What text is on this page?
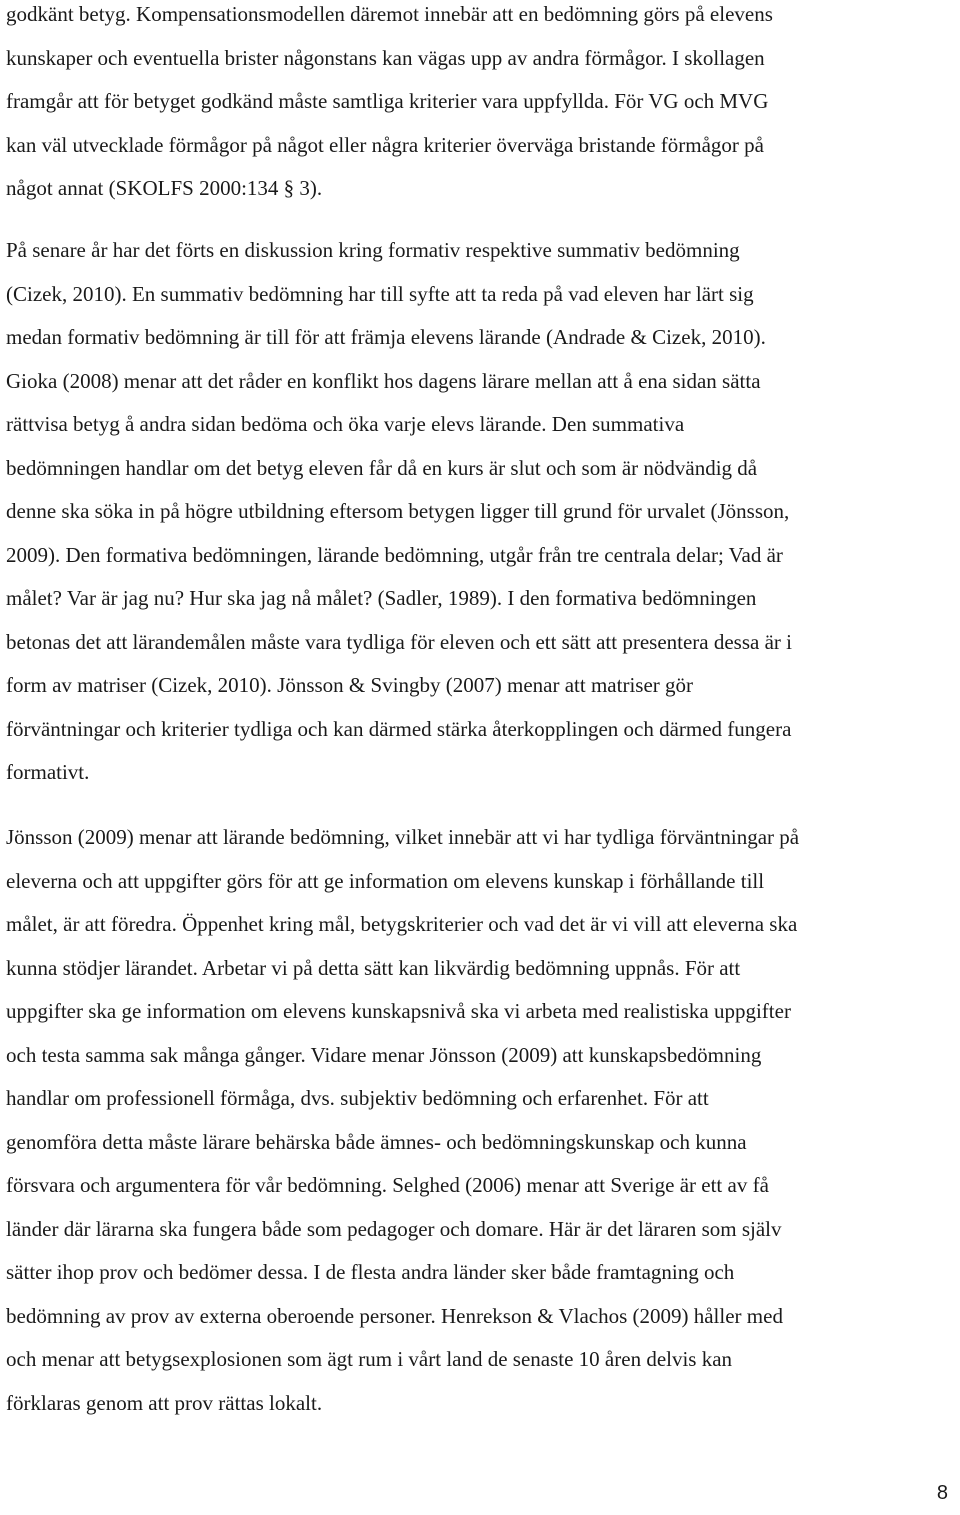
godkänt betyg. Kompensationsmodellen däremot innebär att en bedömning görs på elevens
kunskaper och eventuella brister någonstans kan vägas upp av andra förmågor. I skollagen
framgår att för betyget godkänd måste samtliga kriterier vara uppfyllda. För VG och MVG
kan väl utvecklade förmågor på något eller några kriterier överväga bristande förmågor på
något annat (SKOLFS 2000:134 § 3).
På senare år har det förts en diskussion kring formativ respektive summativ bedömning
(Cizek, 2010). En summativ bedömning har till syfte att ta reda på vad eleven har lärt sig
medan formativ bedömning är till för att främja elevens lärande (Andrade & Cizek, 2010).
Gioka (2008) menar att det råder en konflikt hos dagens lärare mellan att å ena sidan sätta
rättvisa betyg å andra sidan bedöma och öka varje elevs lärande. Den summativa
bedömningen handlar om det betyg eleven får då en kurs är slut och som är nödvändig då
denne ska söka in på högre utbildning eftersom betygen ligger till grund för urvalet (Jönsson,
2009). Den formativa bedömningen, lärande bedömning, utgår från tre centrala delar; Vad är
målet? Var är jag nu? Hur ska jag nå målet? (Sadler, 1989). I den formativa bedömningen
betonas det att lärandemålen måste vara tydliga för eleven och ett sätt att presentera dessa är i
form av matriser (Cizek, 2010). Jönsson & Svingby (2007) menar att matriser gör
förväntningar och kriterier tydliga och kan därmed stärka återkopplingen och därmed fungera
formativt.
Jönsson (2009) menar att lärande bedömning, vilket innebär att vi har tydliga förväntningar på
eleverna och att uppgifter görs för att ge information om elevens kunskap i förhållande till
målet, är att föredra. Öppenhet kring mål, betygskriterier och vad det är vi vill att eleverna ska
kunna stödjer lärandet. Arbetar vi på detta sätt kan likvärdig bedömning uppnås. För att
uppgifter ska ge information om elevens kunskapsnivå ska vi arbeta med realistiska uppgifter
och testa samma sak många gånger. Vidare menar Jönsson (2009) att kunskapsbedömning
handlar om professionell förmåga, dvs. subjektiv bedömning och erfarenhet. För att
genomföra detta måste lärare behärska både ämnes- och bedömningskunskap och kunna
försvara och argumentera för vår bedömning. Selghed (2006) menar att Sverige är ett av få
länder där lärarna ska fungera både som pedagoger och domare. Här är det läraren som själv
sätter ihop prov och bedömer dessa. I de flesta andra länder sker både framtagning och
bedömning av prov av externa oberoende personer. Henrekson & Vlachos (2009) håller med
och menar att betygsexplosionen som ägt rum i vårt land de senaste 10 åren delvis kan
förklaras genom att prov rättas lokalt.
8
